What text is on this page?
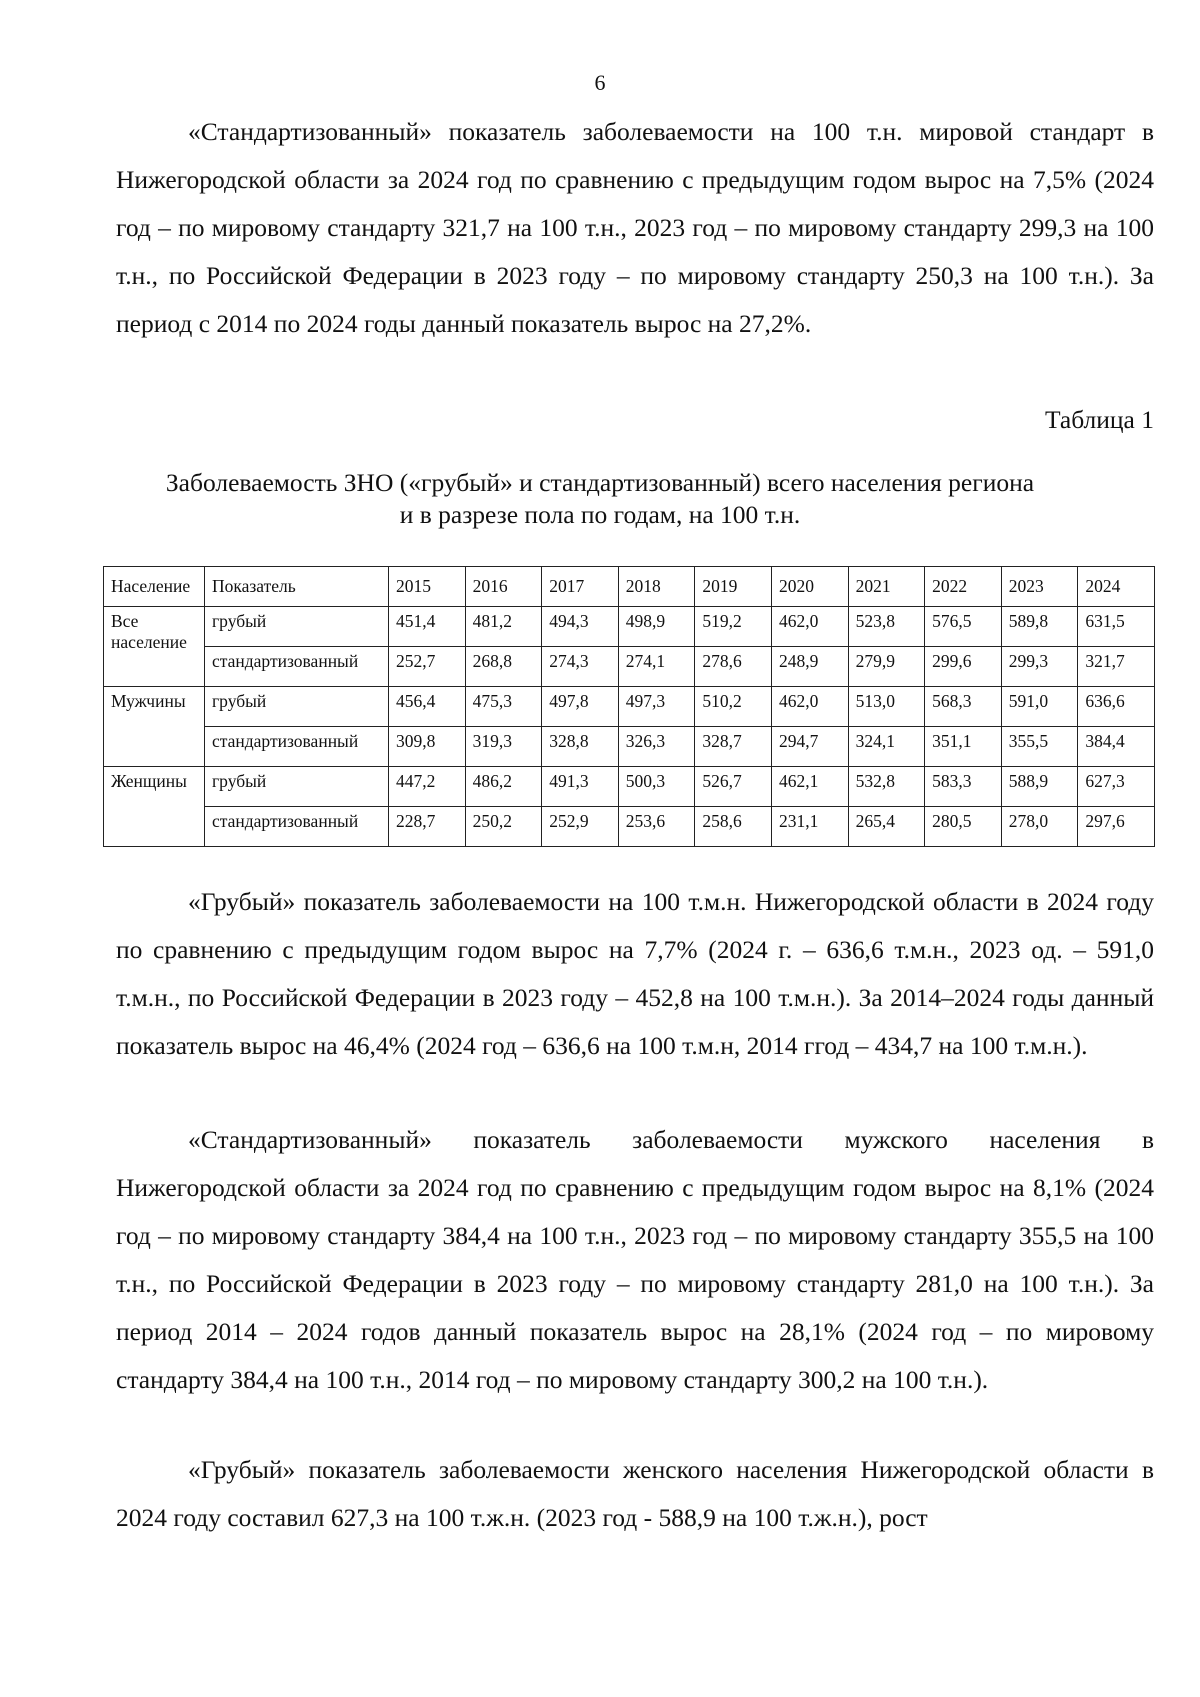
6

«Стандартизованный» показатель заболеваемости на 100 т.н. мировой стандарт в Нижегородской области за 2024 год по сравнению с предыдущим годом вырос на 7,5% (2024 год – по мировому стандарту 321,7 на 100 т.н., 2023 год – по мировому стандарту 299,3 на 100 т.н., по Российской Федерации в 2023 году – по мировому стандарту 250,3 на 100 т.н.). За период с 2014 по 2024 годы данный показатель вырос на 27,2%.

Таблица 1
Заболеваемость ЗНО («грубый» и стандартизованный) всего населения региона
и в разрезе пола по годам, на 100 т.н.
Население	Показатель	2015	2016	2017	2018	2019	2020	2021	2022	2023	2024
Все население	грубый	451,4	481,2	494,3	498,9	519,2	462,0	523,8	576,5	589,8	631,5
	стандартизованный	252,7	268,8	274,3	274,1	278,6	248,9	279,9	299,6	299,3	321,7
Мужчины	грубый	456,4	475,3	497,8	497,3	510,2	462,0	513,0	568,3	591,0	636,6
	стандартизованный	309,8	319,3	328,8	326,3	328,7	294,7	324,1	351,1	355,5	384,4
Женщины	грубый	447,2	486,2	491,3	500,3	526,7	462,1	532,8	583,3	588,9	627,3
	стандартизованный	228,7	250,2	252,9	253,6	258,6	231,1	265,4	280,5	278,0	297,6

«Грубый» показатель заболеваемости на 100 т.м.н. Нижегородской области в 2024 году по сравнению с предыдущим годом вырос на 7,7% (2024 г. – 636,6 т.м.н., 2023 од. – 591,0 т.м.н., по Российской Федерации в 2023 году – 452,8 на 100 т.м.н.). За 2014–2024 годы данный показатель вырос на 46,4% (2024 год – 636,6 на 100 т.м.н, 2014 ггод – 434,7 на 100 т.м.н.).

«Стандартизованный» показатель заболеваемости мужского населения в Нижегородской области за 2024 год по сравнению с предыдущим годом вырос на 8,1% (2024 год – по мировому стандарту 384,4 на 100 т.н., 2023 год – по мировому стандарту 355,5 на 100 т.н., по Российской Федерации в 2023 году – по мировому стандарту 281,0 на 100 т.н.). За период 2014 – 2024 годов данный показатель вырос на 28,1% (2024 год – по мировому стандарту 384,4 на 100 т.н., 2014 год – по мировому стандарту 300,2 на 100 т.н.).

«Грубый» показатель заболеваемости женского населения Нижегородской области в 2024 году составил 627,3 на 100 т.ж.н. (2023 год - 588,9 на 100 т.ж.н.), рост
